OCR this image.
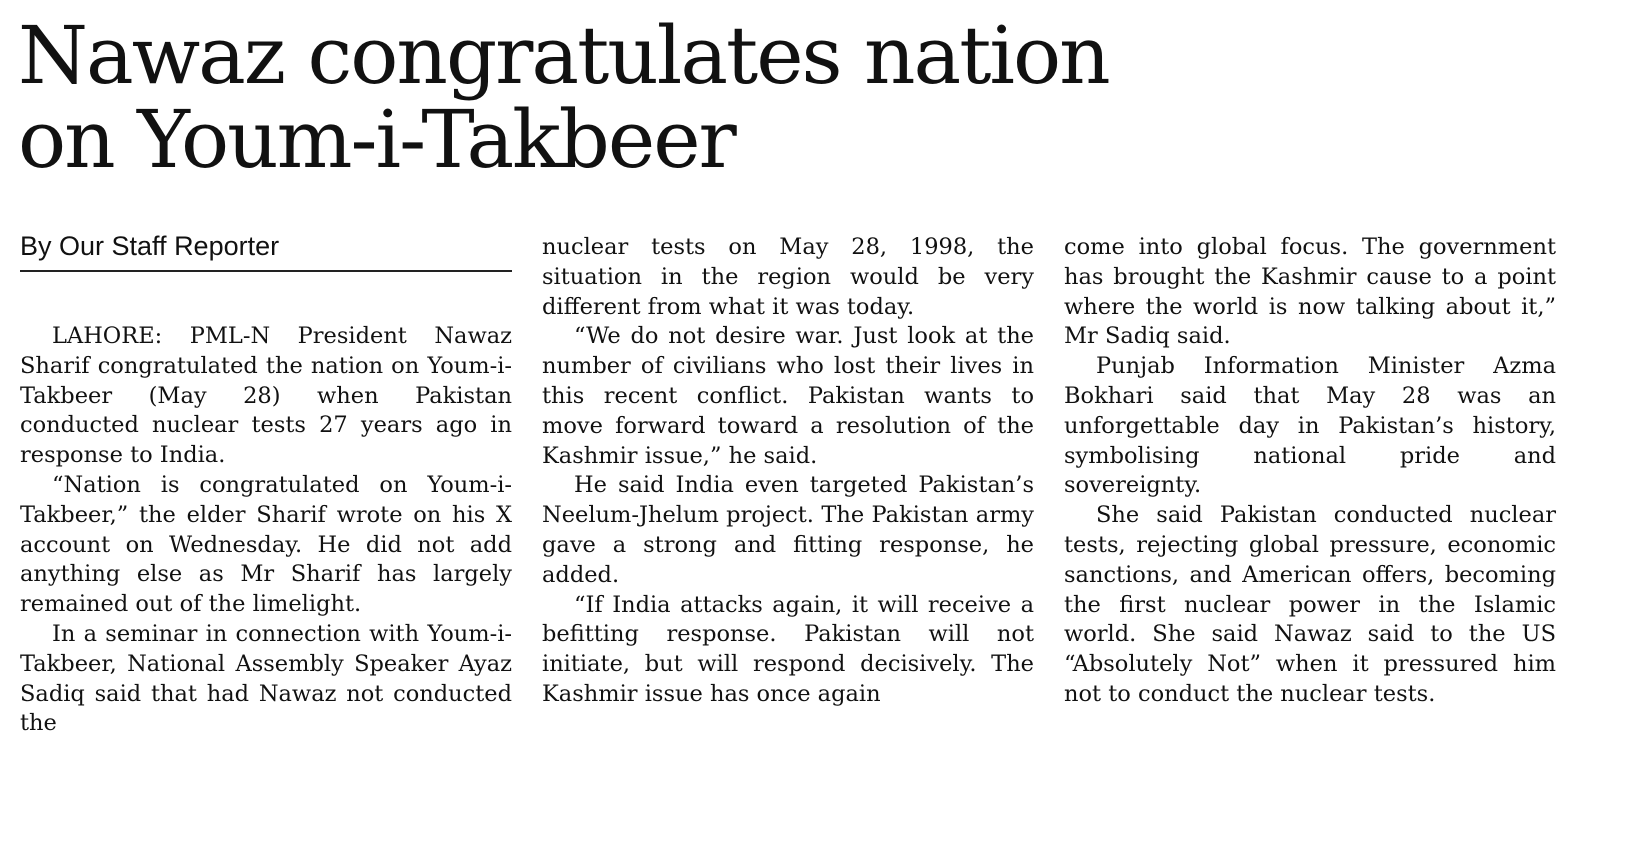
Nawaz congratulates nation
on Youm-i-Takbeer
By Our Staff Reporter

LAHORE: PML-N President Nawaz Sharif congratulated the nation on Youm-i-Takbeer (May 28) when Pakistan conducted nuclear tests 27 years ago in response to India.

“Nation is congratulated on Youm-i-Takbeer,” the elder Sharif wrote on his X account on Wednesday. He did not add anything else as Mr Sharif has largely remained out of the limelight.

In a seminar in connection with Youm-i-Takbeer, National Assembly Speaker Ayaz Sadiq said that had Nawaz not conducted the

nuclear tests on May 28, 1998, the situation in the region would be very different from what it was today.

“We do not desire war. Just look at the number of civilians who lost their lives in this recent conflict. Pakistan wants to move forward toward a resolution of the Kashmir issue,” he said.

He said India even targeted Pakistan’s Neelum-Jhelum project. The Pakistan army gave a strong and fitting response, he added.

“If India attacks again, it will receive a befitting response. Pakistan will not initiate, but will respond decisively. The Kashmir issue has once again

come into global focus. The government has brought the Kashmir cause to a point where the world is now talking about it,” Mr Sadiq said.

Punjab Information Minister Azma Bokhari said that May 28 was an unforgettable day in Pakistan’s history, symbolising national pride and sovereignty.

She said Pakistan conducted nuclear tests, rejecting global pressure, economic sanctions, and American offers, becoming the first nuclear power in the Islamic world. She said Nawaz said to the US “Absolutely Not” when it pressured him not to conduct the nuclear tests.
